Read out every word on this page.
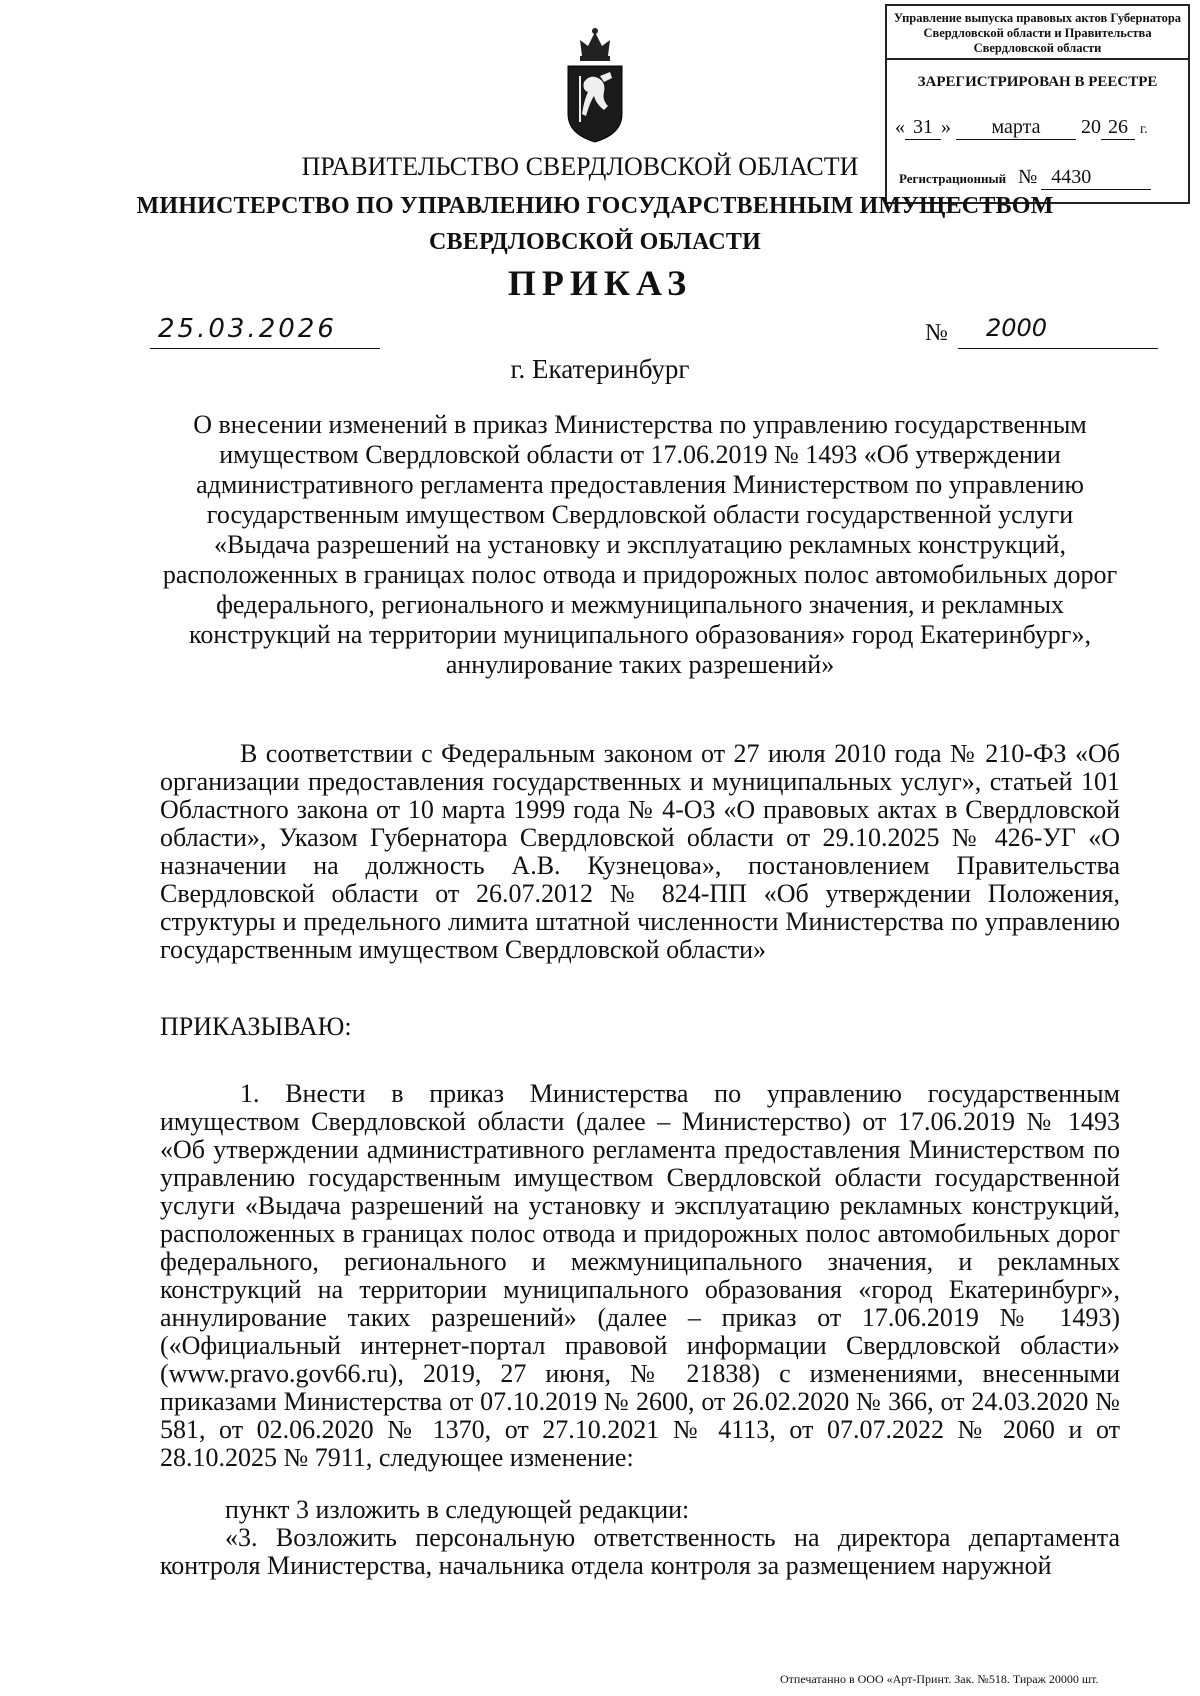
Управление выпуска правовых актов Губернатора Свердловской области и Правительства Свердловской области
ЗАРЕГИСТРИРОВАН В РЕЕСТРЕ
« 31 » марта 20 26 г.
Регистрационный № 4430
ПРАВИТЕЛЬСТВО СВЕРДЛОВСКОЙ ОБЛАСТИ
МИНИСТЕРСТВО ПО УПРАВЛЕНИЮ ГОСУДАРСТВЕННЫМ ИМУЩЕСТВОМ СВЕРДЛОВСКОЙ ОБЛАСТИ
ПРИКАЗ
25.03.2026	№	2000
г. Екатеринбург
О внесении изменений в приказ Министерства по управлению государственным имуществом Свердловской области от 17.06.2019 № 1493 «Об утверждении административного регламента предоставления Министерством по управлению государственным имуществом Свердловской области государственной услуги «Выдача разрешений на установку и эксплуатацию рекламных конструкций, расположенных в границах полос отвода и придорожных полос автомобильных дорог федерального, регионального и межмуниципального значения, и рекламных конструкций на территории муниципального образования» город Екатеринбург», аннулирование таких разрешений»
В соответствии с Федеральным законом от 27 июля 2010 года № 210-ФЗ «Об организации предоставления государственных и муниципальных услуг», статьей 101 Областного закона от 10 марта 1999 года № 4-ОЗ «О правовых актах в Свердловской области», Указом Губернатора Свердловской области от 29.10.2025 № 426-УГ «О назначении на должность А.В. Кузнецова», постановлением Правительства Свердловской области от 26.07.2012 № 824-ПП «Об утверждении Положения, структуры и предельного лимита штатной численности Министерства по управлению государственным имуществом Свердловской области»
ПРИКАЗЫВАЮ:
1. Внести в приказ Министерства по управлению государственным имуществом Свердловской области (далее – Министерство) от 17.06.2019 № 1493 «Об утверждении административного регламента предоставления Министерством по управлению государственным имуществом Свердловской области государственной услуги «Выдача разрешений на установку и эксплуатацию рекламных конструкций, расположенных в границах полос отвода и придорожных полос автомобильных дорог федерального, регионального и межмуниципального значения, и рекламных конструкций на территории муниципального образования «город Екатеринбург», аннулирование таких разрешений» (далее – приказ от 17.06.2019 № 1493) («Официальный интернет-портал правовой информации Свердловской области» (www.pravo.gov66.ru), 2019, 27 июня, № 21838) с изменениями, внесенными приказами Министерства от 07.10.2019 № 2600, от 26.02.2020 № 366, от 24.03.2020 № 581, от 02.06.2020 № 1370, от 27.10.2021 № 4113, от 07.07.2022 № 2060 и от 28.10.2025 № 7911, следующее изменение:
пункт 3 изложить в следующей редакции:
«3. Возложить персональную ответственность на директора департамента контроля Министерства, начальника отдела контроля за размещением наружной
Отпечатанно в ООО «Арт-Принт. Зак. №518. Тираж 20000 шт.
